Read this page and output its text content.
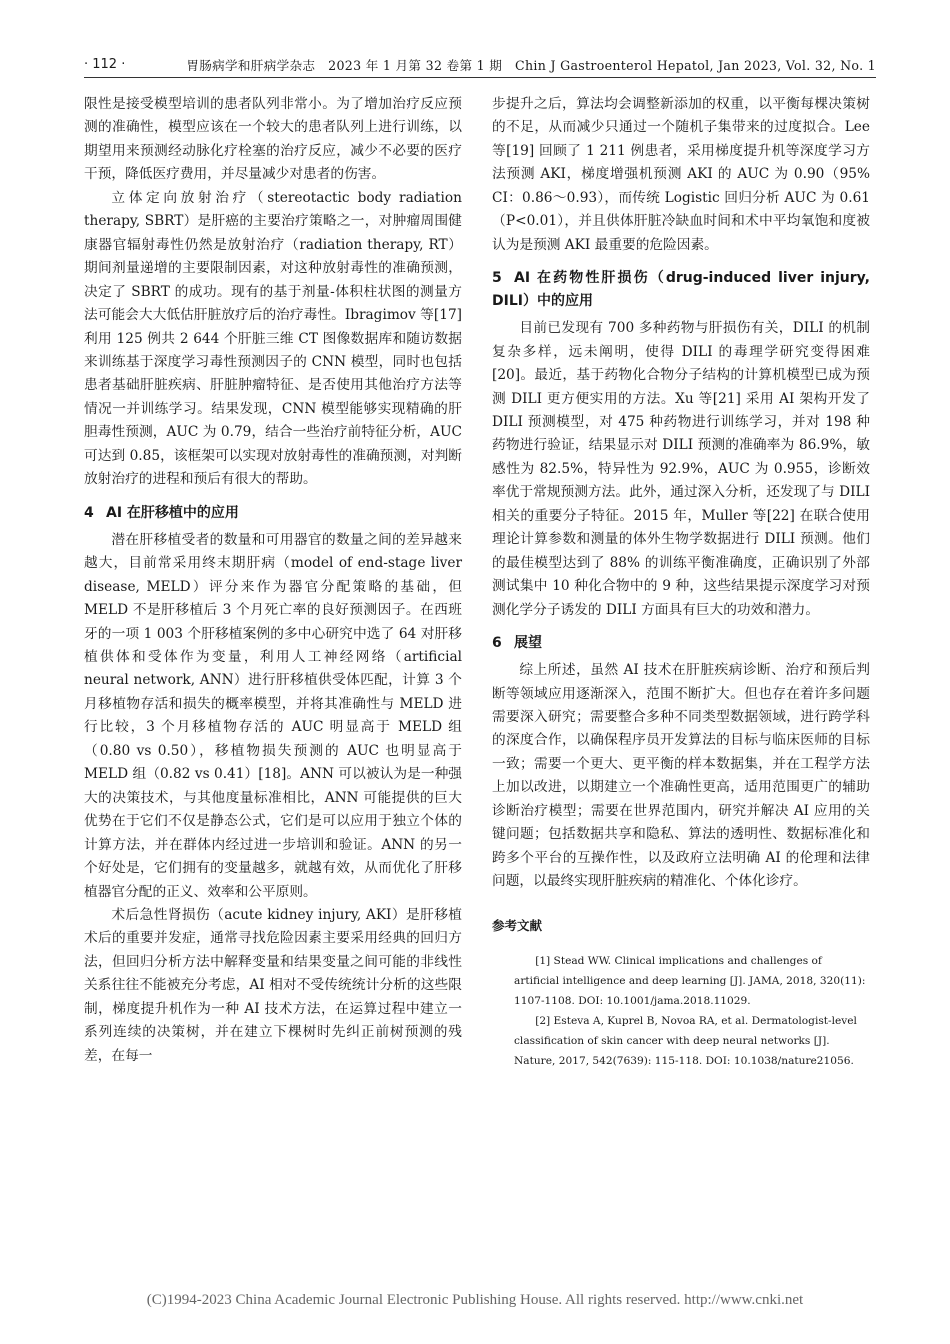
· 112 ·	胃肠病学和肝病学杂志　2023 年 1 月第 32 卷第 1 期　Chin J Gastroenterol Hepatol, Jan 2023, Vol. 32, No. 1

限性是接受模型培训的患者队列非常小。为了增加治疗反应预测的准确性，模型应该在一个较大的患者队列上进行训练，以期望用来预测经动脉化疗栓塞的治疗反应，减少不必要的医疗干预，降低医疗费用，并尽量减少对患者的伤害。

立体定向放射治疗（stereotactic body radiation therapy, SBRT）是肝癌的主要治疗策略之一，对肿瘤周围健康器官辐射毒性仍然是放射治疗（radiation therapy, RT）期间剂量递增的主要限制因素，对这种放射毒性的准确预测，决定了 SBRT 的成功。现有的基于剂量-体积柱状图的测量方法可能会大大低估肝脏放疗后的治疗毒性。Ibragimov 等[17] 利用 125 例共 2 644 个肝脏三维 CT 图像数据库和随访数据来训练基于深度学习毒性预测因子的 CNN 模型，同时也包括患者基础肝脏疾病、肝脏肿瘤特征、是否使用其他治疗方法等情况一并训练学习。结果发现，CNN 模型能够实现精确的肝胆毒性预测，AUC 为 0.79，结合一些治疗前特征分析，AUC 可达到 0.85，该框架可以实现对放射毒性的准确预测，对判断放射治疗的进程和预后有很大的帮助。

4 AI 在肝移植中的应用

潜在肝移植受者的数量和可用器官的数量之间的差异越来越大，目前常采用终末期肝病（model of end-stage liver disease, MELD）评分来作为器官分配策略的基础，但 MELD 不是肝移植后 3 个月死亡率的良好预测因子。在西班牙的一项 1 003 个肝移植案例的多中心研究中选了 64 对肝移植供体和受体作为变量，利用人工神经网络（artificial neural network, ANN）进行肝移植供受体匹配，计算 3 个月移植物存活和损失的概率模型，并将其准确性与 MELD 进行比较，3 个月移植物存活的 AUC 明显高于 MELD 组（0.80 vs 0.50），移植物损失预测的 AUC 也明显高于 MELD 组（0.82 vs 0.41）[18]。ANN 可以被认为是一种强大的决策技术，与其他度量标准相比，ANN 可能提供的巨大优势在于它们不仅是静态公式，它们是可以应用于独立个体的计算方法，并在群体内经过进一步培训和验证。ANN 的另一个好处是，它们拥有的变量越多，就越有效，从而优化了肝移植器官分配的正义、效率和公平原则。

术后急性肾损伤（acute kidney injury, AKI）是肝移植术后的重要并发症，通常寻找危险因素主要采用经典的回归方法，但回归分析方法中解释变量和结果变量之间可能的非线性关系往往不能被充分考虑，AI 相对不受传统统计分析的这些限制，梯度提升机作为一种 AI 技术方法，在运算过程中建立一系列连续的决策树，并在建立下棵树时先纠正前树预测的残差，在每一

步提升之后，算法均会调整新添加的权重，以平衡每棵决策树的不足，从而减少只通过一个随机子集带来的过度拟合。Lee 等[19] 回顾了 1 211 例患者，采用梯度提升机等深度学习方法预测 AKI，梯度增强机预测 AKI 的 AUC 为 0.90（95% CI：0.86～0.93），而传统 Logistic 回归分析 AUC 为 0.61（P<0.01），并且供体肝脏冷缺血时间和术中平均氧饱和度被认为是预测 AKI 最重要的危险因素。

5 AI 在药物性肝损伤（drug-induced liver injury, DILI）中的应用

目前已发现有 700 多种药物与肝损伤有关，DILI 的机制复杂多样，远未阐明，使得 DILI 的毒理学研究变得困难[20]。最近，基于药物化合物分子结构的计算机模型已成为预测 DILI 更方便实用的方法。Xu 等[21] 采用 AI 架构开发了 DILI 预测模型，对 475 种药物进行训练学习，并对 198 种药物进行验证，结果显示对 DILI 预测的准确率为 86.9%，敏感性为 82.5%，特异性为 92.9%，AUC 为 0.955，诊断效率优于常规预测方法。此外，通过深入分析，还发现了与 DILI 相关的重要分子特征。2015 年，Muller 等[22] 在联合使用理论计算参数和测量的体外生物学数据进行 DILI 预测。他们的最佳模型达到了 88% 的训练平衡准确度，正确识别了外部测试集中 10 种化合物中的 9 种，这些结果提示深度学习对预测化学分子诱发的 DILI 方面具有巨大的功效和潜力。

6 展望

综上所述，虽然 AI 技术在肝脏疾病诊断、治疗和预后判断等领域应用逐渐深入，范围不断扩大。但也存在着许多问题需要深入研究；需要整合多种不同类型数据领域，进行跨学科的深度合作，以确保程序员开发算法的目标与临床医师的目标一致；需要一个更大、更平衡的样本数据集，并在工程学方法上加以改进，以期建立一个准确性更高，适用范围更广的辅助诊断治疗模型；需要在世界范围内，研究并解决 AI 应用的关键问题；包括数据共享和隐私、算法的透明性、数据标准化和跨多个平台的互操作性，以及政府立法明确 AI 的伦理和法律问题，以最终实现肝脏疾病的精准化、个体化诊疗。

参考文献

[1] Stead WW. Clinical implications and challenges of artificial intelligence and deep learning [J]. JAMA, 2018, 320(11): 1107-1108. DOI: 10.1001/jama.2018.11029.

[2] Esteva A, Kuprel B, Novoa RA, et al. Dermatologist-level classification of skin cancer with deep neural networks [J]. Nature, 2017, 542(7639): 115-118. DOI: 10.1038/nature21056.

(C)1994-2023 China Academic Journal Electronic Publishing House. All rights reserved. http://www.cnki.net
